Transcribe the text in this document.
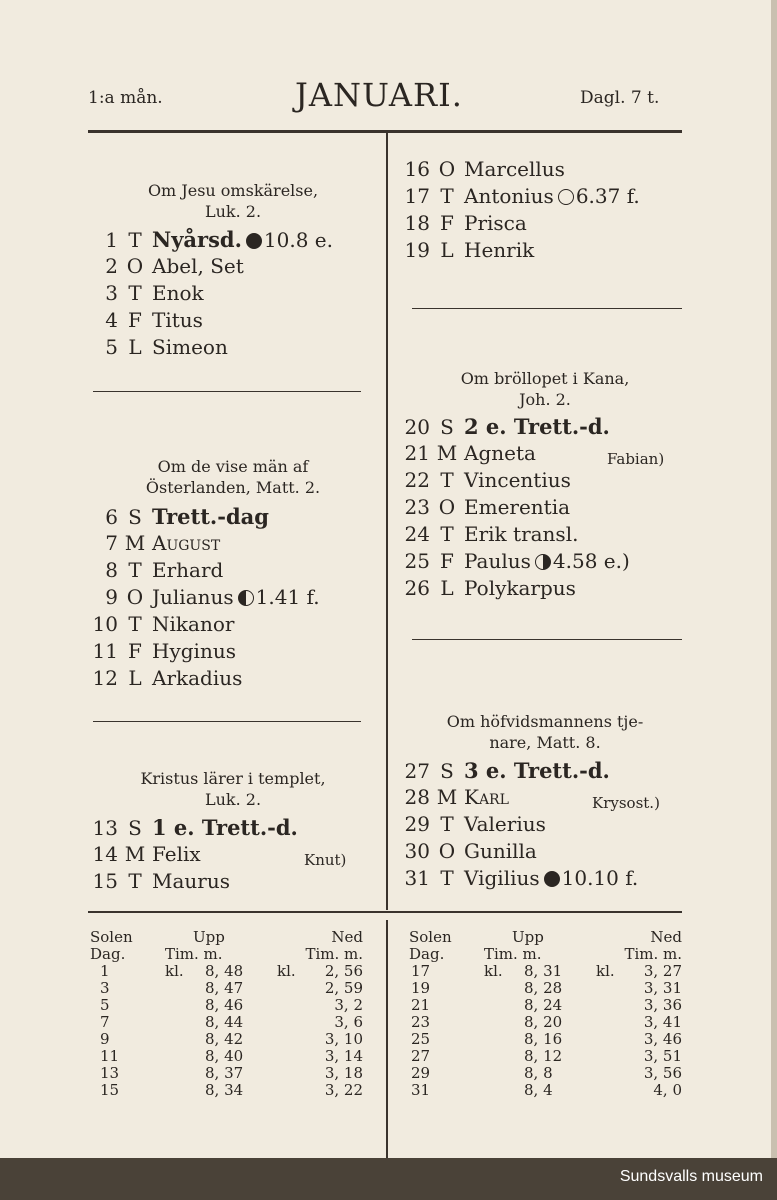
1:a mån.	JANUARI.	Dagl. 7 t.
Om Jesu omskärelse,
Luk. 2.
1 T Nyårsd. 10.8 e.
2 O Abel, Set
3 T Enok
4 F Titus
5 L Simeon
Om de vise män af
Österlanden, Matt. 2.
6 S Trett.-dag
7 M August
8 T Erhard
9 O Julianus 1.41 f.
10 T Nikanor
11 F Hyginus
12 L Arkadius
Kristus lärer i templet,
Luk. 2.
13 S 1 e. Trett.-d.
14 M Felix	Knut)
15 T Maurus
16 O Marcellus
17 T Antonius 6.37 f.
18 F Prisca
19 L Henrik
Om bröllopet i Kana,
Joh. 2.
20 S 2 e. Trett.-d.
21 M Agneta	Fabian)
22 T Vincentius
23 O Emerentia
24 T Erik transl.
25 F Paulus 4.58 e.)
26 L Polykarpus
Om höfvidsmannens tje-
nare, Matt. 8.
27 S 3 e. Trett.-d.
28 M Karl	Krysost.)
29 T Valerius
30 O Gunilla
31 T Vigilius 10.10 f.
Solen	Upp		Ned	
Dag.	Tim. m.		Tim. m.	
1	kl.	8, 48	kl.	2, 56
3		8, 47		2, 59
5		8, 46		3, 2
7		8, 44		3, 6
9		8, 42		3, 10
11		8, 40		3, 14
13		8, 37		3, 18
15		8, 34		3, 22
Solen	Upp		Ned	
Dag.	Tim. m.		Tim. m.	
17	kl.	8, 31	kl.	3, 27
19		8, 28		3, 31
21		8, 24		3, 36
23		8, 20		3, 41
25		8, 16		3, 46
27		8, 12		3, 51
29		8, 8		3, 56
31		8, 4		4, 0
Sundsvalls museum
